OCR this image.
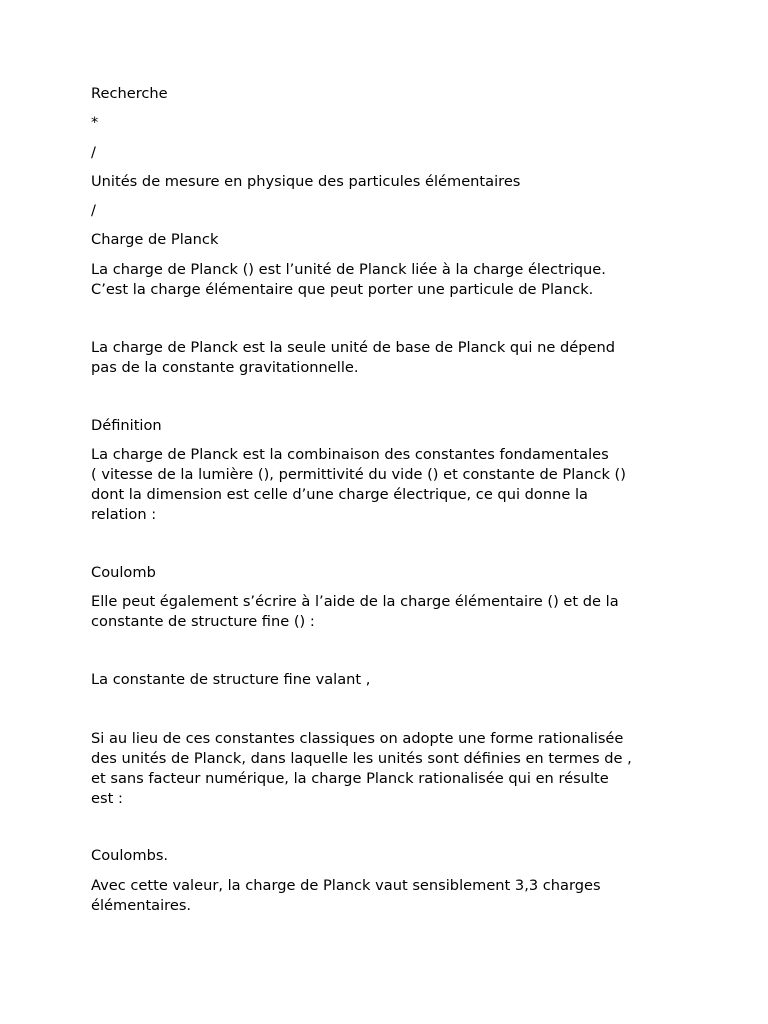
Recherche

*

/

Unités de mesure en physique des particules élémentaires

/

Charge de Planck

La charge de Planck () est l’unité de Planck liée à la charge électrique.
C’est la charge élémentaire que peut porter une particule de Planck.

La charge de Planck est la seule unité de base de Planck qui ne dépend
pas de la constante gravitationnelle.

Définition

La charge de Planck est la combinaison des constantes fondamentales
( vitesse de la lumière (), permittivité du vide () et constante de Planck ()
dont la dimension est celle d’une charge électrique, ce qui donne la
relation :

Coulomb

Elle peut également s’écrire à l’aide de la charge élémentaire () et de la
constante de structure fine () :

La constante de structure fine valant ,

Si au lieu de ces constantes classiques on adopte une forme rationalisée
des unités de Planck, dans laquelle les unités sont définies en termes de ,
et sans facteur numérique, la charge Planck rationalisée qui en résulte
est :

Coulombs.

Avec cette valeur, la charge de Planck vaut sensiblement 3,3 charges
élémentaires.
